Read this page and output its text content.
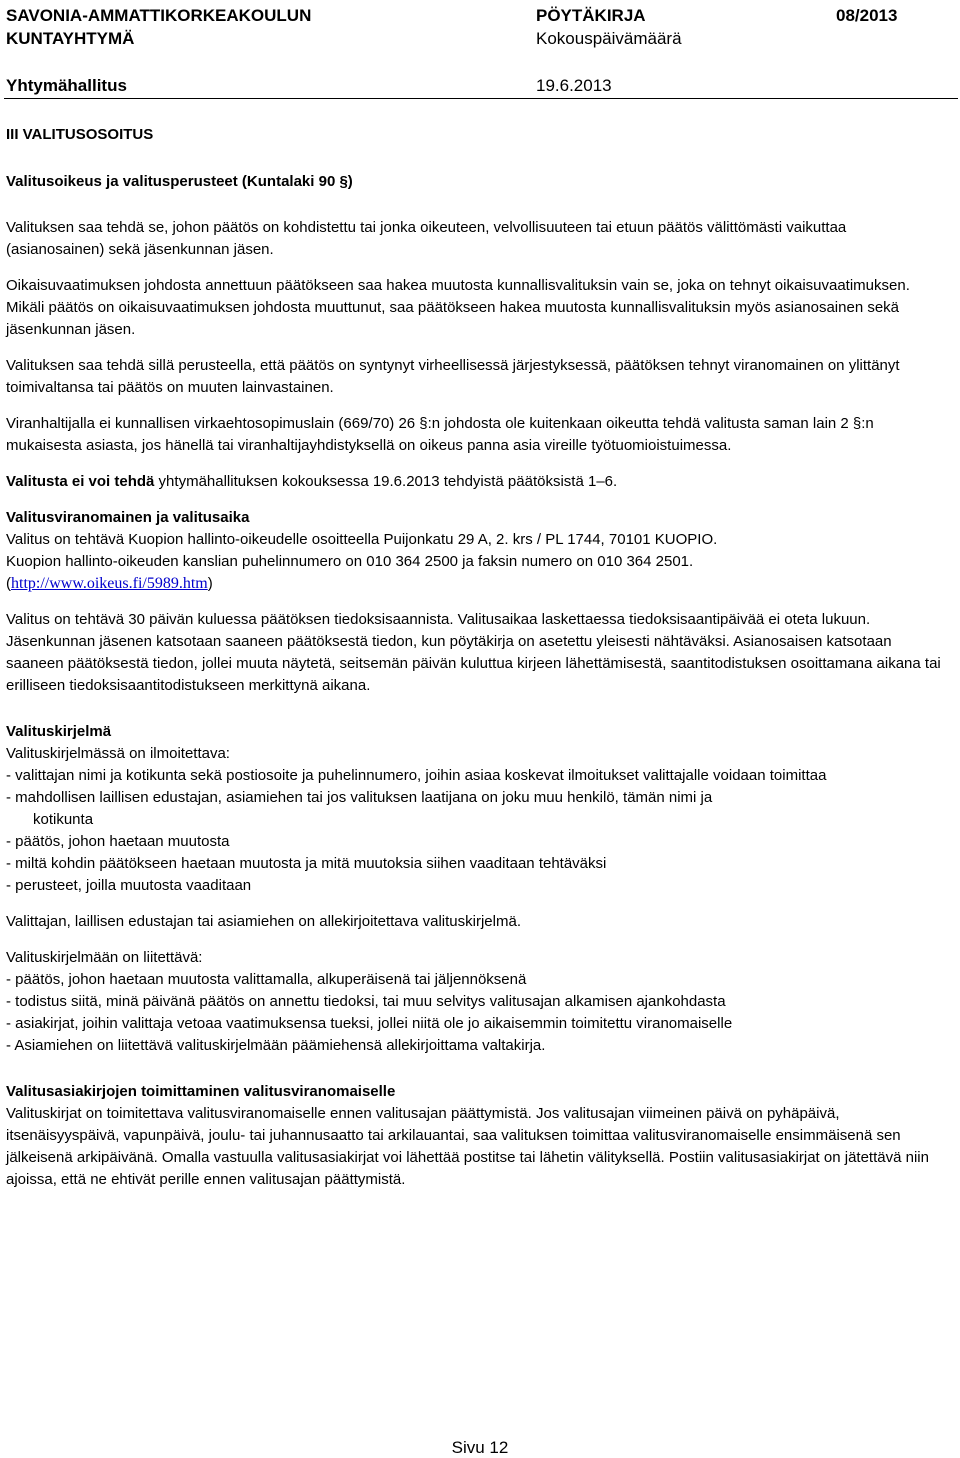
SAVONIA-AMMATTIKORKEAKOULUN
KUNTAYHTYMÄ
PÖYTÄKIRJA	08/2013
Kokouspäivämäärä
Yhtymähallitus	19.6.2013

III VALITUSOSOITUS

Valitusoikeus ja valitusperusteet (Kuntalaki 90 §)

Valituksen saa tehdä se, johon päätös on kohdistettu tai jonka oikeuteen, velvollisuuteen tai etuun päätös välittömästi vaikuttaa (asianosainen) sekä jäsenkunnan jäsen.

Oikaisuvaatimuksen johdosta annettuun päätökseen saa hakea muutosta kunnallisvalituksin vain se, joka on tehnyt oikaisuvaatimuksen. Mikäli päätös on oikaisuvaatimuksen johdosta muuttunut, saa päätökseen hakea muutosta kunnallisvalituksin myös asianosainen sekä jäsenkunnan jäsen.

Valituksen saa tehdä sillä perusteella, että päätös on syntynyt virheellisessä järjestyksessä, päätöksen tehnyt viranomainen on ylittänyt toimivaltansa tai päätös on muuten lainvastainen.

Viranhaltijalla ei kunnallisen virkaehtosopimuslain (669/70) 26 §:n johdosta ole kuitenkaan oikeutta tehdä valitusta saman lain 2 §:n mukaisesta asiasta, jos hänellä tai viranhaltijayhdistyksellä on oikeus panna asia vireille työtuomioistuimessa.

Valitusta ei voi tehdä yhtymähallituksen kokouksessa 19.6.2013 tehdyistä päätöksistä 1–6.

Valitusviranomainen ja valitusaika

Valitus on tehtävä Kuopion hallinto-oikeudelle osoitteella Puijonkatu 29 A, 2. krs / PL 1744, 70101 KUOPIO.

Kuopion hallinto-oikeuden kanslian puhelinnumero on 010 364 2500 ja faksin numero on 010 364 2501.

(http://www.oikeus.fi/5989.htm)

Valitus on tehtävä 30 päivän kuluessa päätöksen tiedoksisaannista. Valitusaikaa laskettaessa tiedoksisaantipäivää ei oteta lukuun. Jäsenkunnan jäsenen katsotaan saaneen päätöksestä tiedon, kun pöytäkirja on asetettu yleisesti nähtäväksi. Asianosaisen katsotaan saaneen päätöksestä tiedon, jollei muuta näytetä, seitsemän päivän kuluttua kirjeen lähettämisestä, saantitodistuksen osoittamana aikana tai erilliseen tiedoksisaantitodistukseen merkittynä aikana.

Valituskirjelmä

Valituskirjelmässä on ilmoitettava:

- valittajan nimi ja kotikunta sekä postiosoite ja puhelinnumero, joihin asiaa koskevat ilmoitukset valittajalle voidaan toimittaa

- mahdollisen laillisen edustajan, asiamiehen tai jos valituksen laatijana on joku muu henkilö, tämän nimi ja

kotikunta

- päätös, johon haetaan muutosta

- miltä kohdin päätökseen haetaan muutosta ja mitä muutoksia siihen vaaditaan tehtäväksi

- perusteet, joilla muutosta vaaditaan

Valittajan, laillisen edustajan tai asiamiehen on allekirjoitettava valituskirjelmä.

Valituskirjelmään on liitettävä:

- päätös, johon haetaan muutosta valittamalla, alkuperäisenä tai jäljennöksenä

- todistus siitä, minä päivänä päätös on annettu tiedoksi, tai muu selvitys valitusajan alkamisen ajankohdasta

- asiakirjat, joihin valittaja vetoaa vaatimuksensa tueksi, jollei niitä ole jo aikaisemmin toimitettu viranomaiselle

- Asiamiehen on liitettävä valituskirjelmään päämiehensä allekirjoittama valtakirja.

Valitusasiakirjojen toimittaminen valitusviranomaiselle

Valituskirjat on toimitettava valitusviranomaiselle ennen valitusajan päättymistä. Jos valitusajan viimeinen päivä on pyhäpäivä, itsenäisyyspäivä, vapunpäivä, joulu- tai juhannusaatto tai arkilauantai, saa valituksen toimittaa valitusviranomaiselle ensimmäisenä sen jälkeisenä arkipäivänä. Omalla vastuulla valitusasiakirjat voi lähettää postitse tai lähetin välityksellä. Postiin valitusasiakirjat on jätettävä niin ajoissa, että ne ehtivät perille ennen valitusajan päättymistä.

Sivu 12
